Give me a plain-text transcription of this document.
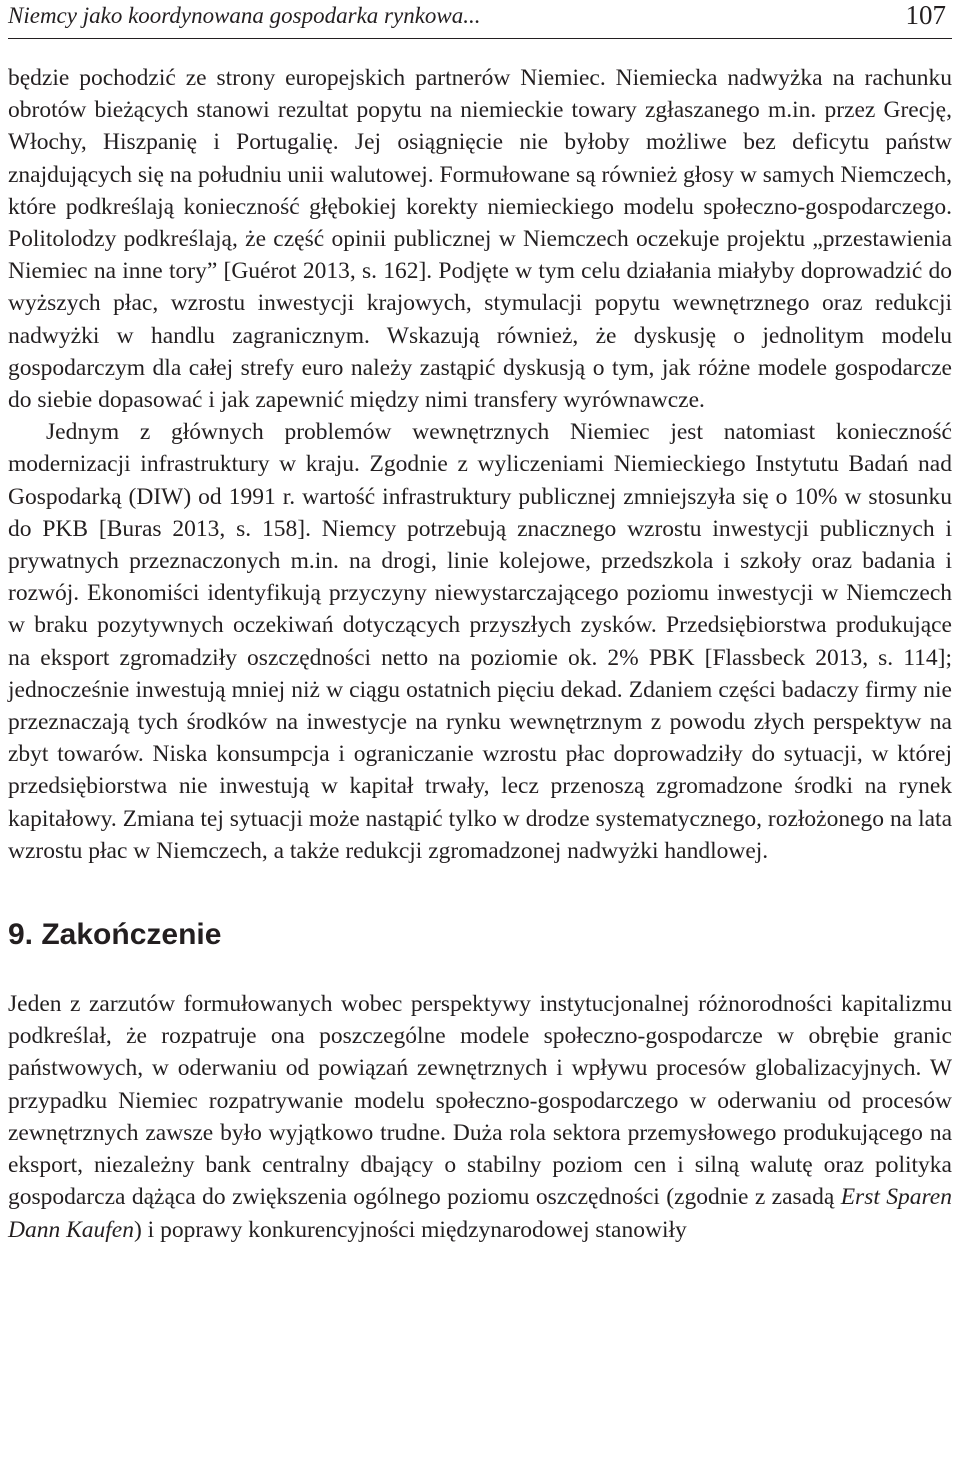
Niemcy jako koordynowana gospodarka rynkowa...	107

będzie pochodzić ze strony europejskich partnerów Niemiec. Niemiecka nadwyżka na rachunku obrotów bieżących stanowi rezultat popytu na niemieckie towary zgłaszanego m.in. przez Grecję, Włochy, Hiszpanię i Portugalię. Jej osiągnięcie nie byłoby możliwe bez deficytu państw znajdujących się na południu unii walutowej. Formułowane są również głosy w samych Niemczech, które podkreślają konieczność głębokiej korekty niemieckiego modelu społeczno-gospodarczego. Politolodzy podkreślają, że część opinii publicznej w Niemczech oczekuje projektu „przestawienia Niemiec na inne tory” [Guérot 2013, s. 162]. Podjęte w tym celu działania miałyby doprowadzić do wyższych płac, wzrostu inwestycji krajowych, stymulacji popytu wewnętrznego oraz redukcji nadwyżki w handlu zagranicznym. Wskazują również, że dyskusję o jednolitym modelu gospodarczym dla całej strefy euro należy zastąpić dyskusją o tym, jak różne modele gospodarcze do siebie dopasować i jak zapewnić między nimi transfery wyrównawcze.

Jednym z głównych problemów wewnętrznych Niemiec jest natomiast konieczność modernizacji infrastruktury w kraju. Zgodnie z wyliczeniami Niemieckiego Instytutu Badań nad Gospodarką (DIW) od 1991 r. wartość infrastruktury publicznej zmniejszyła się o 10% w stosunku do PKB [Buras 2013, s. 158]. Niemcy potrzebują znacznego wzrostu inwestycji publicznych i prywatnych przeznaczonych m.in. na drogi, linie kolejowe, przedszkola i szkoły oraz badania i rozwój. Ekonomiści identyfikują przyczyny niewystarczającego poziomu inwestycji w Niemczech w braku pozytywnych oczekiwań dotyczących przyszłych zysków. Przedsiębiorstwa produkujące na eksport zgromadziły oszczędności netto na poziomie ok. 2% PBK [Flassbeck 2013, s. 114]; jednocześnie inwestują mniej niż w ciągu ostatnich pięciu dekad. Zdaniem części badaczy firmy nie przeznaczają tych środków na inwestycje na rynku wewnętrznym z powodu złych perspektyw na zbyt towarów. Niska konsumpcja i ograniczanie wzrostu płac doprowadziły do sytuacji, w której przedsiębiorstwa nie inwestują w kapitał trwały, lecz przenoszą zgromadzone środki na rynek kapitałowy. Zmiana tej sytuacji może nastąpić tylko w drodze systematycznego, rozłożonego na lata wzrostu płac w Niemczech, a także redukcji zgromadzonej nadwyżki handlowej.

9. Zakończenie

Jeden z zarzutów formułowanych wobec perspektywy instytucjonalnej różnorodności kapitalizmu podkreślał, że rozpatruje ona poszczególne modele społeczno-gospodarcze w obrębie granic państwowych, w oderwaniu od powiązań zewnętrznych i wpływu procesów globalizacyjnych. W przypadku Niemiec rozpatrywanie modelu społeczno-gospodarczego w oderwaniu od procesów zewnętrznych zawsze było wyjątkowo trudne. Duża rola sektora przemysłowego produkującego na eksport, niezależny bank centralny dbający o stabilny poziom cen i silną walutę oraz polityka gospodarcza dążąca do zwiększenia ogólnego poziomu oszczędności (zgodnie z zasadą Erst Sparen Dann Kaufen) i poprawy konkurencyjności międzynarodowej stanowiły
